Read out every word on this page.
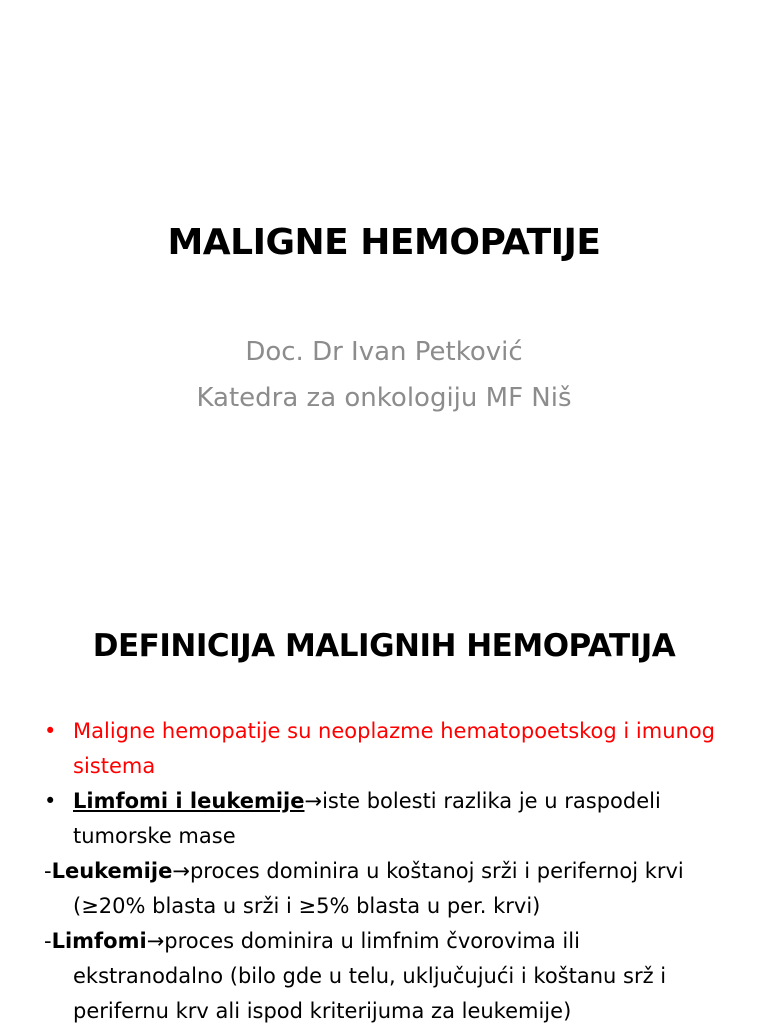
MALIGNE HEMOPATIJE
Doc. Dr Ivan Petković
Katedra za onkologiju MF Niš
DEFINICIJA MALIGNIH HEMOPATIJA
• Maligne hemopatije su neoplazme hematopoetskog i imunog sistema
• Limfomi i leukemije→iste bolesti razlika je u raspodeli tumorske mase
-Leukemije→proces dominira u koštanoj srži i perifernoj krvi (≥20% blasta u srži i ≥5% blasta u per. krvi)
-Limfomi→proces dominira u limfnim čvorovima ili ekstranodalno (bilo gde u telu, uključujući i koštanu srž i perifernu krv ali ispod kriterijuma za leukemije)
